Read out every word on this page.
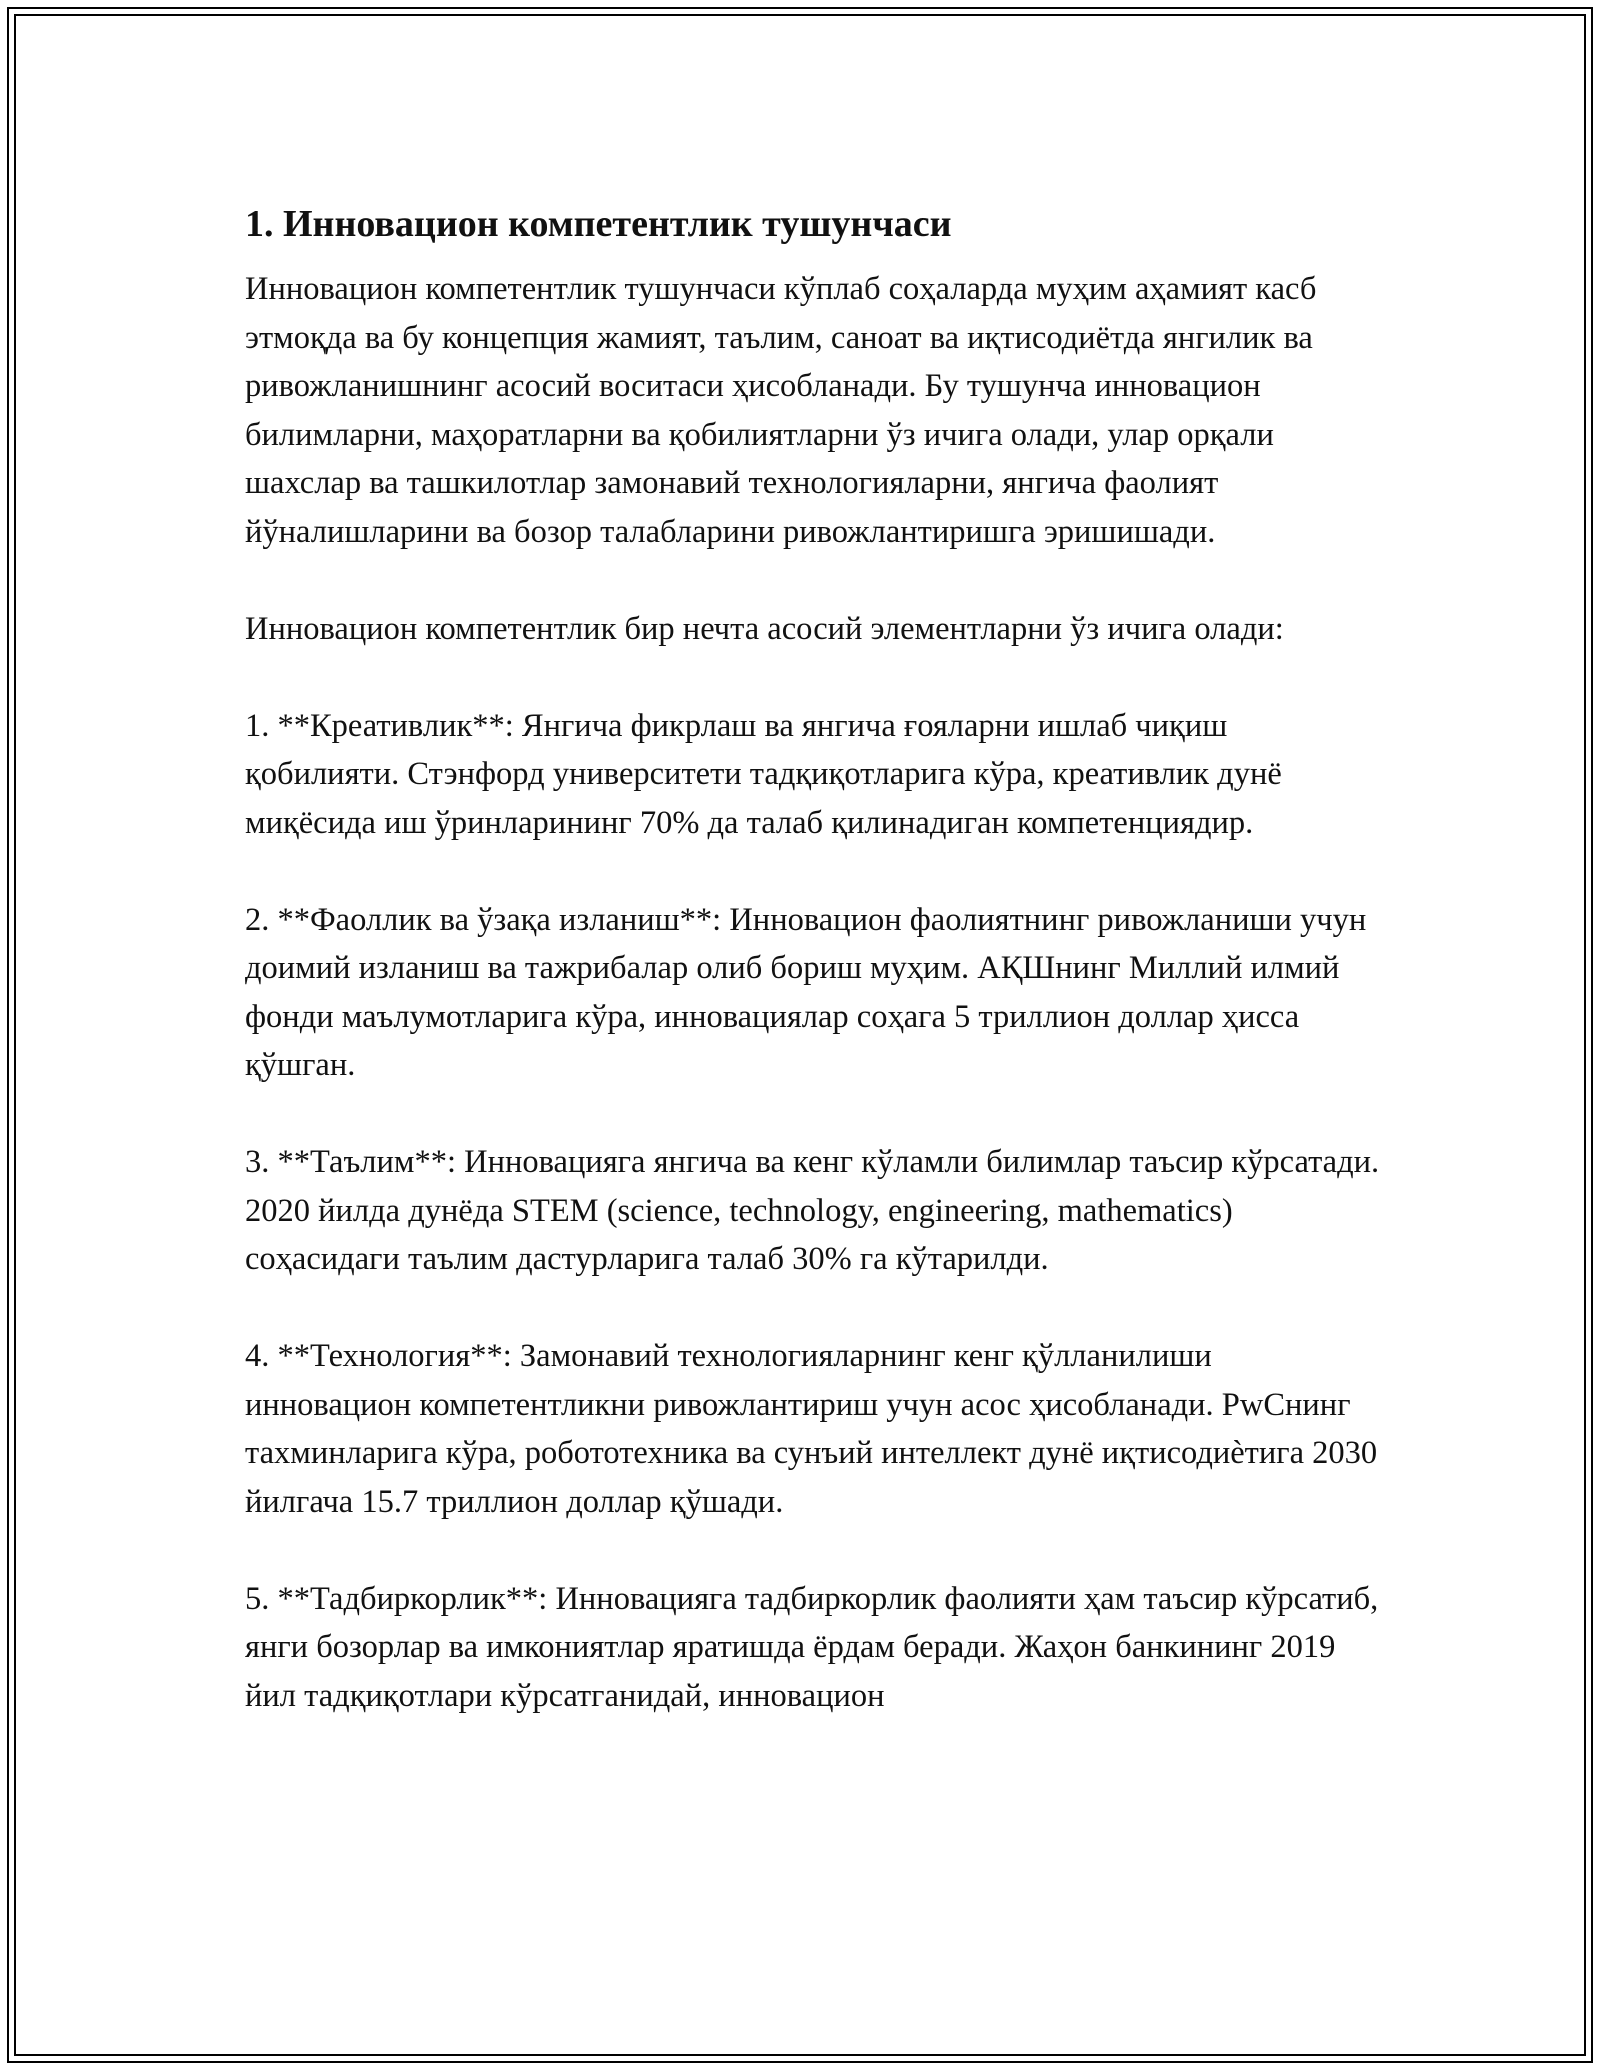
1. Инновацион компетентлик тушунчаси

Инновацион компетентлик тушунчаси кўплаб соҳаларда муҳим аҳамият касб этмоқда ва бу концепция жамият, таълим, саноат ва иқтисодиётда янгилик ва ривожланишнинг асосий воситаси ҳисобланади. Бу тушунча инновацион билимларни, маҳоратларни ва қобилиятларни ўз ичига олади, улар орқали шахслар ва ташкилотлар замонавий технологияларни, янгича фаолият йўналишларини ва бозор талабларини ривожлантиришга эришишади.

Инновацион компетентлик бир нечта асосий элементларни ўз ичига олади:

1. **Креативлик**: Янгича фикрлаш ва янгича ғояларни ишлаб чиқиш қобилияти. Стэнфорд университети тадқиқотларига кўра, креативлик дунё миқёсида иш ўринларининг 70% да талаб қилинадиган компетенциядир.

2. **Фаоллик ва ўзақа изланиш**: Инновацион фаолиятнинг ривожланиши учун доимий изланиш ва тажрибалар олиб бориш муҳим. АҚШнинг Миллий илмий фонди маълумотларига кўра, инновациялар соҳага 5 триллион доллар ҳисса қўшган.

3. **Таълим**: Инновацияга янгича ва кенг кўламли билимлар таъсир кўрсатади. 2020 йилда дунёда STEM (science, technology, engineering, mathematics) соҳасидаги таълим дастурларига талаб 30% га кўтарилди.

4. **Технология**: Замонавий технологияларнинг кенг қўлланилиши инновацион компетентликни ривожлантириш учун асос ҳисобланади. PwCнинг тахминларига кўра, робототехника ва сунъий интеллект дунё иқтисодиѐтига 2030 йилгача 15.7 триллион доллар қўшади.

5. **Тадбиркорлик**: Инновацияга тадбиркорлик фаолияти ҳам таъсир кўрсатиб, янги бозорлар ва имкониятлар яратишда ёрдам беради. Жаҳон банкининг 2019 йил тадқиқотлари кўрсатганидай, инновацион
